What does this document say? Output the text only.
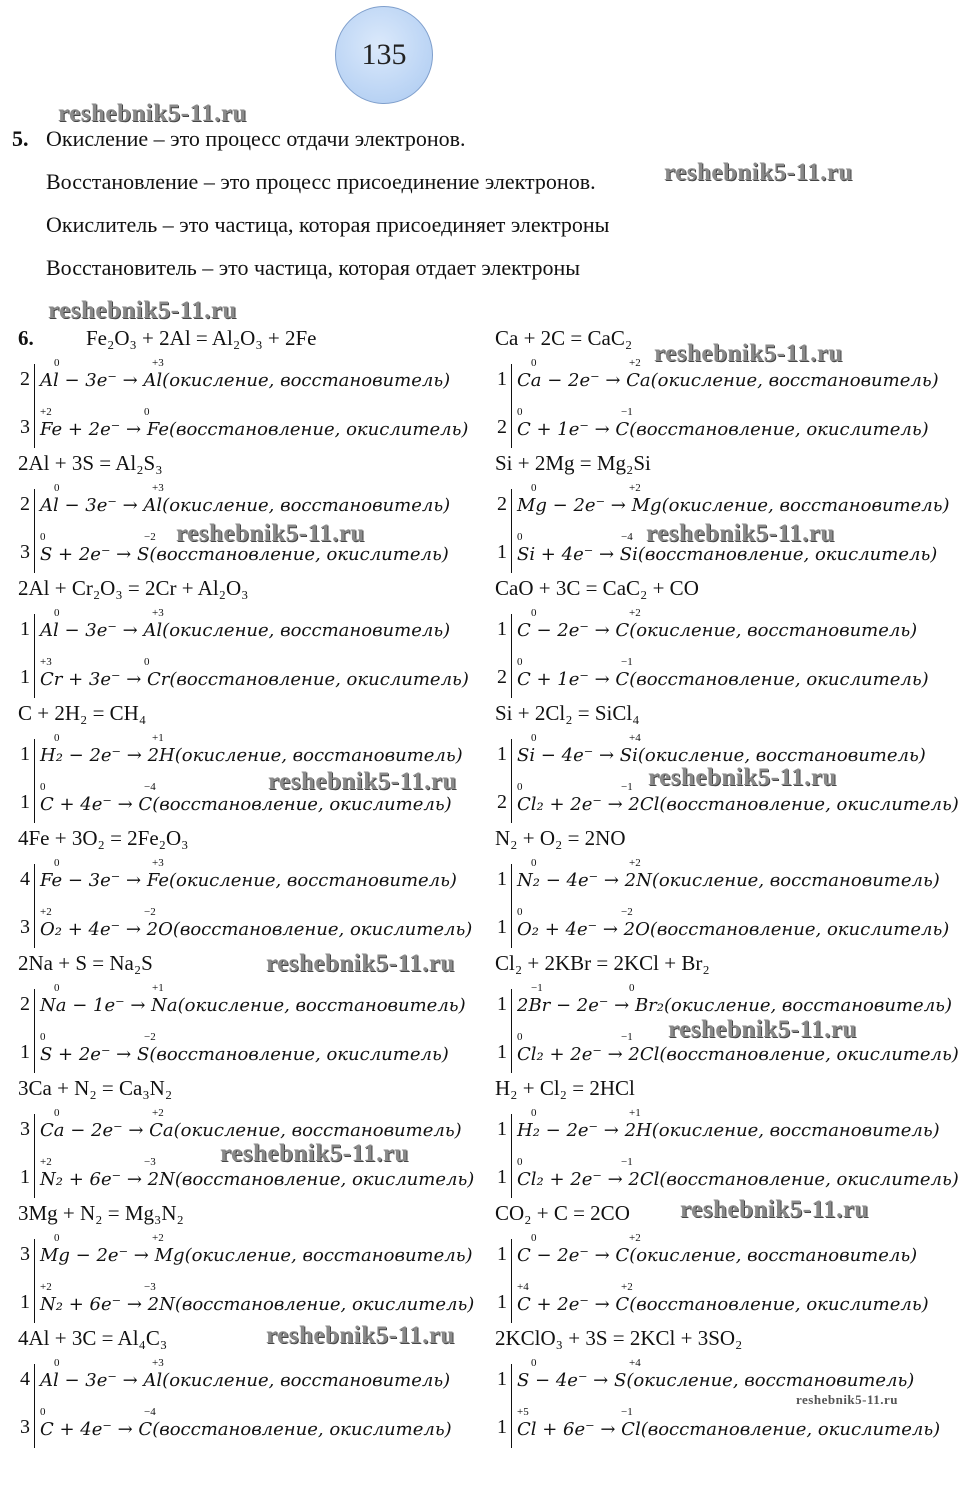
135
reshebnik5-11.ru
reshebnik5-11.ru
reshebnik5-11.ru
reshebnik5-11.ru
reshebnik5-11.ru	reshebnik5-11.ru
reshebnik5-11.ru	reshebnik5-11.ru
reshebnik5-11.ru
reshebnik5-11.ru
reshebnik5-11.ru
reshebnik5-11.ru
reshebnik5-11.ru
reshebnik5-11.ru
5. Окисление – это процесс отдачи электронов.
Восстановление – это процесс присоединение электронов.
Окислитель – это частица, которая присоединяет электроны
Восстановитель – это частица, которая отдает электроны
6. Fe₂O₃ + 2Al = Al₂O₃ + 2Fe
2
3
0	+3
Al − 3e⁻ → Al(окисление, восстановитель)
+2	0
Fe + 2e⁻ → Fe(восстановление, окислитель)
Ca + 2C = CaC₂
1
2
0	+2
Ca − 2e⁻ → Ca(окисление, восстановитель)
0	−1
C + 1e⁻ → C(восстановление, окислитель)
2Al + 3S = Al₂S₃
2
3
0	+3
Al − 3e⁻ → Al(окисление, восстановитель)
0	−2
S + 2e⁻ → S(восстановление, окислитель)
Si + 2Mg = Mg₂Si
2
1
0	+2
Mg − 2e⁻ → Mg(окисление, восстановитель)
0	−4
Si + 4e⁻ → Si(восстановление, окислитель)
2Al + Cr₂O₃ = 2Cr + Al₂O₃
1
1
0	+3
Al − 3e⁻ → Al(окисление, восстановитель)
+3	0
Cr + 3e⁻ → Cr(восстановление, окислитель)
CaO + 3C = CaC₂ + CO
1
2
0	+2
C − 2e⁻ → C(окисление, восстановитель)
0	−1
C + 1e⁻ → C(восстановление, окислитель)
C + 2H₂ = CH₄
1
1
0	+1
H₂ − 2e⁻ → 2H(окисление, восстановитель)
0	−4
C + 4e⁻ → C(восстановление, окислитель)
Si + 2Cl₂ = SiCl₄
1
2
0	+4
Si − 4e⁻ → Si(окисление, восстановитель)
0	−1
Cl₂ + 2e⁻ → 2Cl(восстановление, окислитель)
4Fe + 3O₂ = 2Fe₂O₃
4
3
0	+3
Fe − 3e⁻ → Fe(окисление, восстановитель)
+2	−2
O₂ + 4e⁻ → 2O(восстановление, окислитель)
N₂ + O₂ = 2NO
1
1
0	+2
N₂ − 4e⁻ → 2N(окисление, восстановитель)
0	−2
O₂ + 4e⁻ → 2O(восстановление, окислитель)
2Na + S = Na₂S
2
1
0	+1
Na − 1e⁻ → Na(окисление, восстановитель)
0	−2
S + 2e⁻ → S(восстановление, окислитель)
Cl₂ + 2KBr = 2KCl + Br₂
1
1
−1	0
2Br − 2e⁻ → Br₂(окисление, восстановитель)
0	−1
Cl₂ + 2e⁻ → 2Cl(восстановление, окислитель)
3Ca + N₂ = Ca₃N₂
3
1
0	+2
Ca − 2e⁻ → Ca(окисление, восстановитель)
+2	−3
N₂ + 6e⁻ → 2N(восстановление, окислитель)
H₂ + Cl₂ = 2HCl
1
1
0	+1
H₂ − 2e⁻ → 2H(окисление, восстановитель)
0	−1
Cl₂ + 2e⁻ → 2Cl(восстановление, окислитель)
3Mg + N₂ = Mg₃N₂
3
1
0	+2
Mg − 2e⁻ → Mg(окисление, восстановитель)
+2	−3
N₂ + 6e⁻ → 2N(восстановление, окислитель)
CO₂ + C = 2CO
1
1
0	+2
C − 2e⁻ → C(окисление, восстановитель)
+4	+2
C + 2e⁻ → C(восстановление, окислитель)
4Al + 3C = Al₄C₃
4
3
0	+3
Al − 3e⁻ → Al(окисление, восстановитель)
0	−4
C + 4e⁻ → C(восстановление, окислитель)
2KClO₃ + 3S = 2KCl + 3SO₂
1
1
0	+4
S − 4e⁻ → S(окисление, восстановитель)
+5	−1
Cl + 6e⁻ → Cl(восстановление, окислитель)
